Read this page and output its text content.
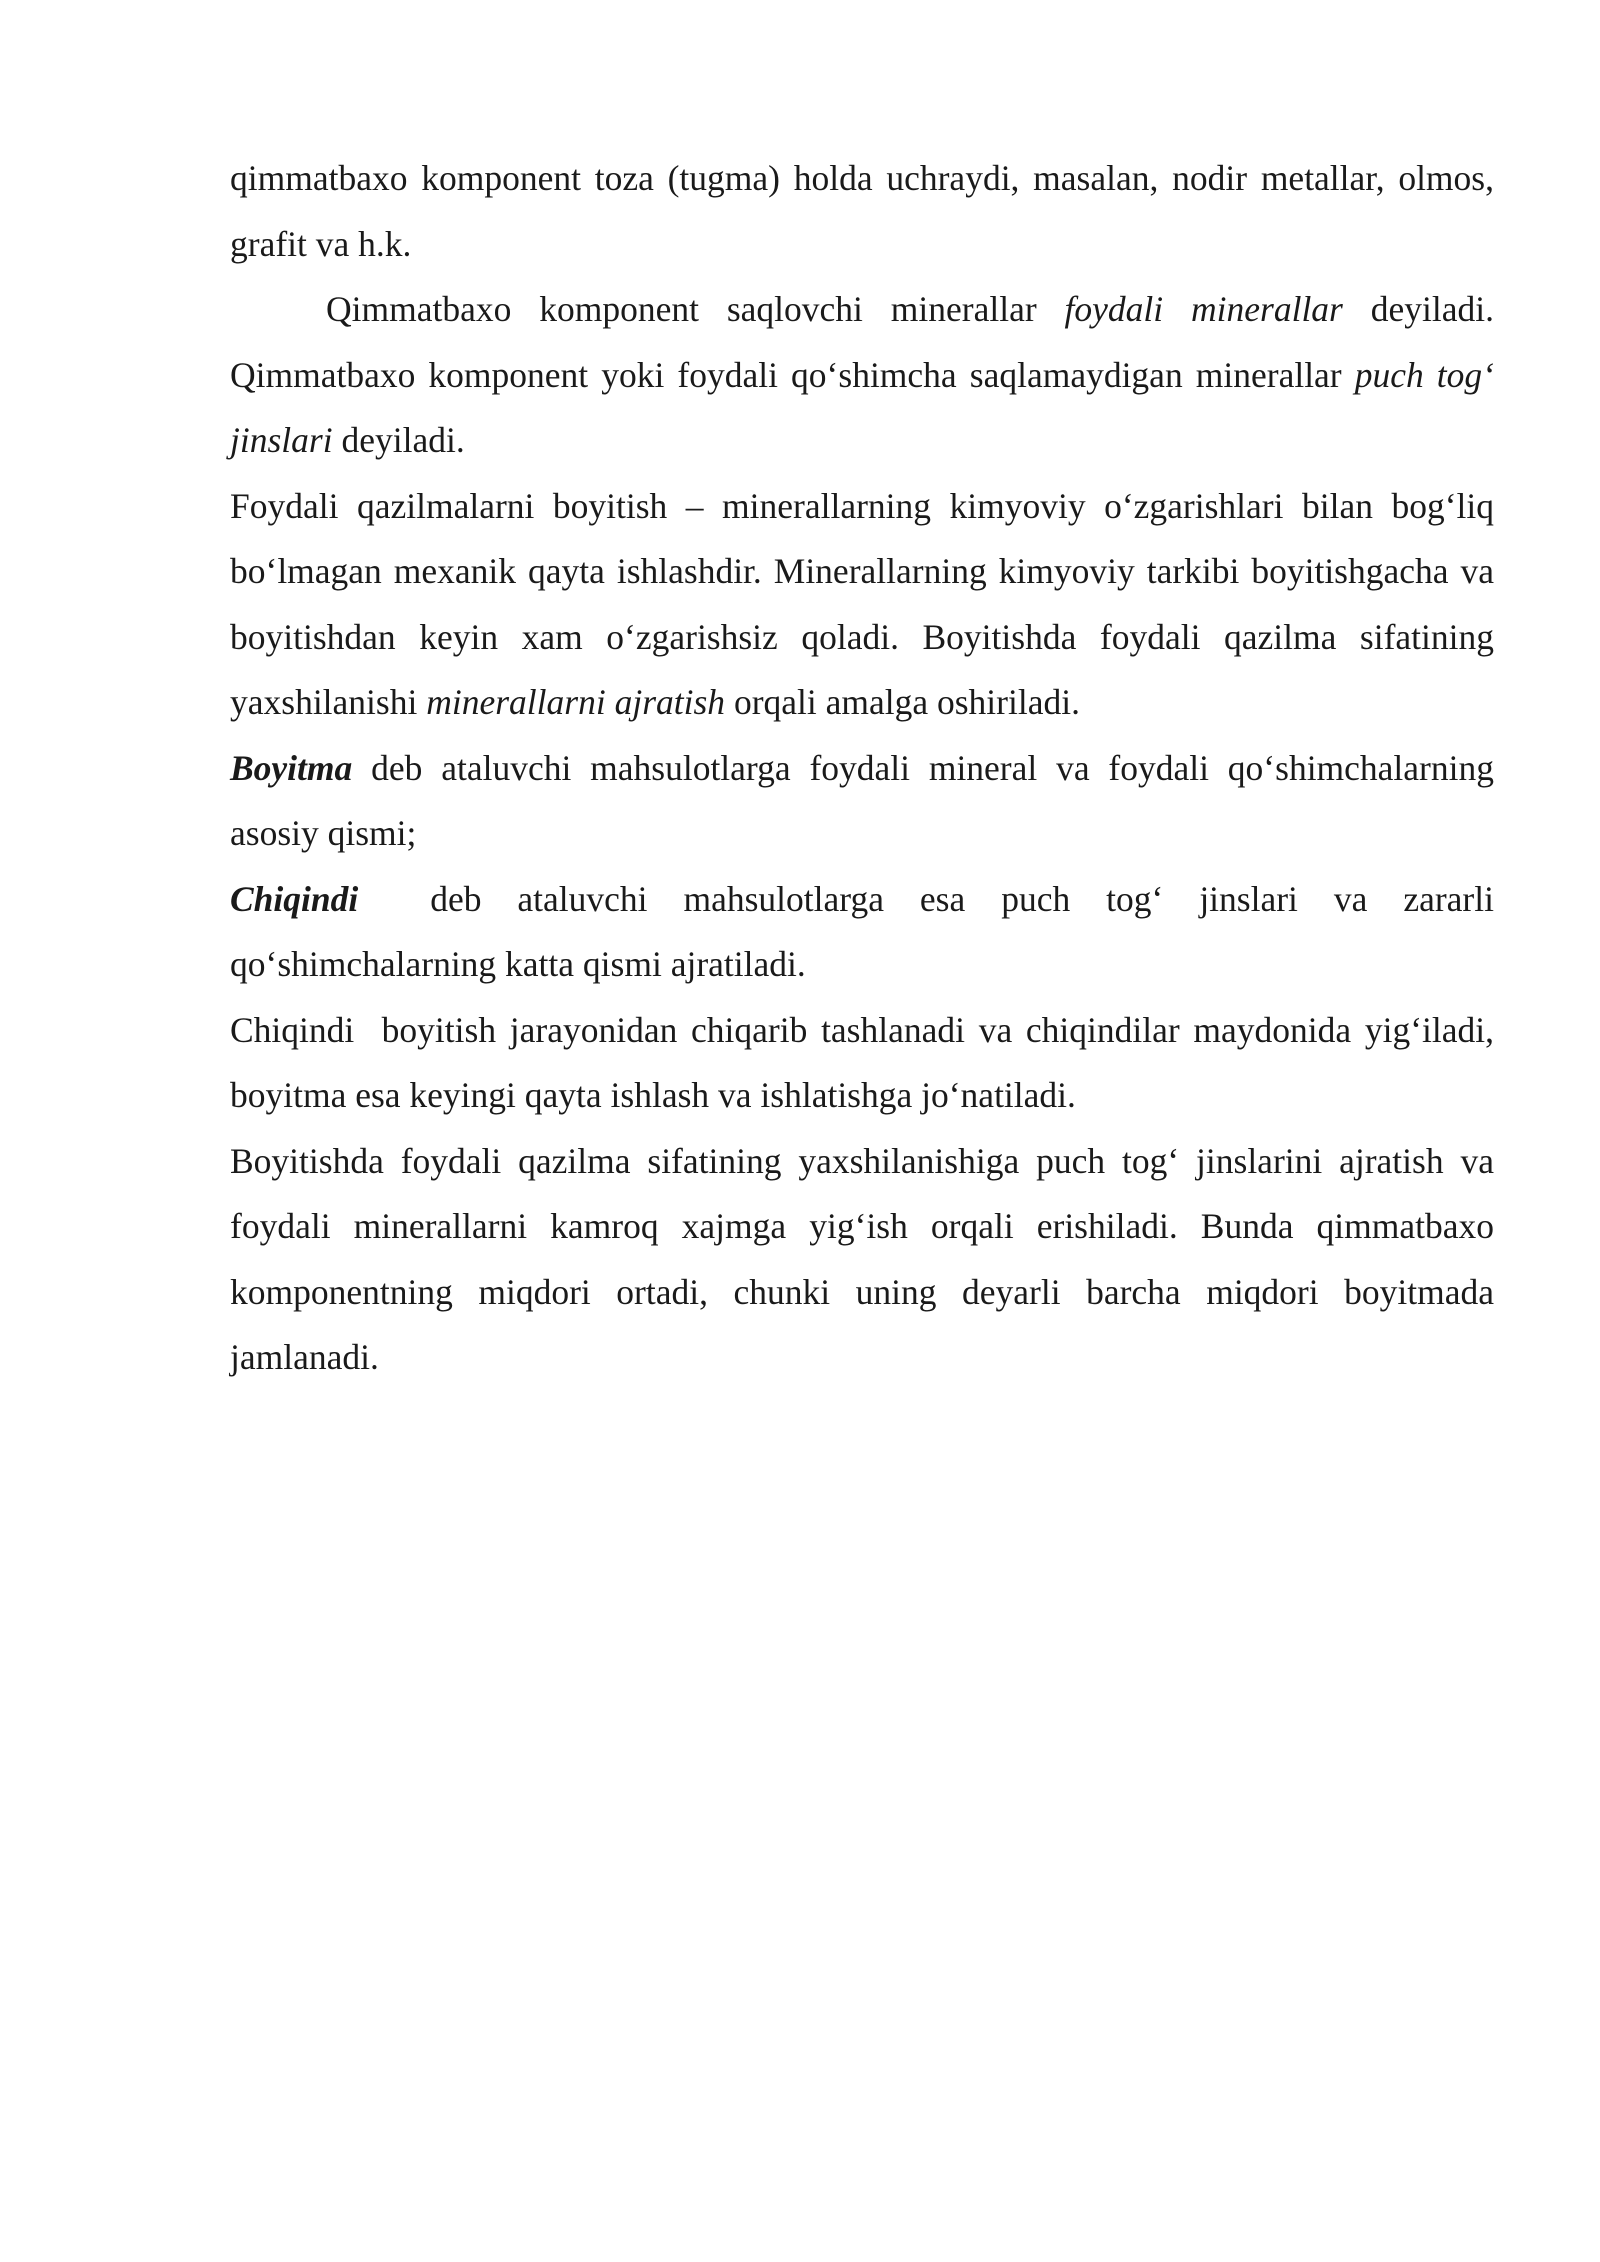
qimmatbaxo komponent toza (tugma) holda uchraydi, masalan, nodir metallar, olmos, grafit va h.k.

Qimmatbaxo komponent saqlovchi minerallar foydali minerallar deyiladi. Qimmatbaxo komponent yoki foydali qo‘shimcha saqlamaydigan minerallar puch tog‘ jinslari deyiladi.

Foydali qazilmalarni boyitish – minerallarning kimyoviy o‘zgarishlari bilan bog‘liq bo‘lmagan mexanik qayta ishlashdir. Minerallarning kimyoviy tarkibi boyitishgacha va boyitishdan keyin xam o‘zgarishsiz qoladi. Boyitishda foydali qazilma sifatining yaxshilanishi minerallarni ajratish orqali amalga oshiriladi.

Boyitma deb ataluvchi mahsulotlarga foydali mineral va foydali qo‘shimchalarning asosiy qismi;

Chiqindi  deb ataluvchi mahsulotlarga esa puch tog‘ jinslari va zararli qo‘shimchalarning katta qismi ajratiladi.

Chiqindi  boyitish jarayonidan chiqarib tashlanadi va chiqindilar maydonida yig‘iladi, boyitma esa keyingi qayta ishlash va ishlatishga jo‘natiladi.

Boyitishda foydali qazilma sifatining yaxshilanishiga puch tog‘ jinslarini ajratish va foydali minerallarni kamroq xajmga yig‘ish orqali erishiladi. Bunda qimmatbaxo komponentning miqdori ortadi, chunki uning deyarli barcha miqdori boyitmada jamlanadi.
